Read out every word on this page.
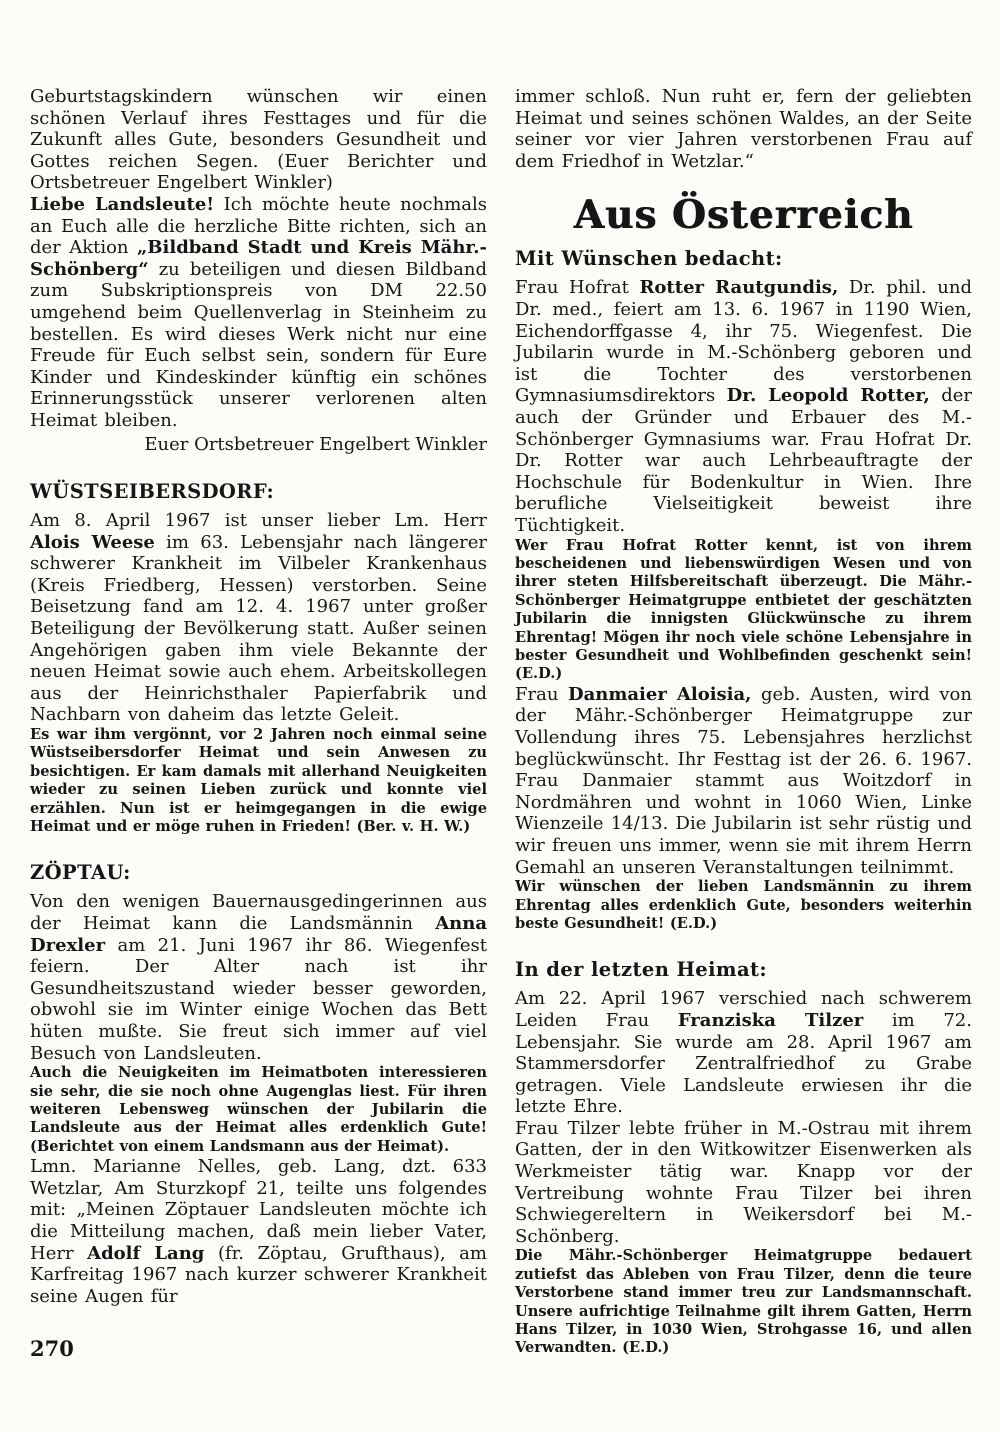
Geburtstagskindern wünschen wir einen schönen Verlauf ihres Festtages und für die Zukunft alles Gute, besonders Gesundheit und Gottes reichen Segen. (Euer Berichter und Ortsbetreuer Engelbert Winkler)
Liebe Landsleute! Ich möchte heute nochmals an Euch alle die herzliche Bitte richten, sich an der Aktion „Bildband Stadt und Kreis Mähr.-Schönberg“ zu beteiligen und diesen Bildband zum Subskriptionspreis von DM 22.50 umgehend beim Quellenverlag in Steinheim zu bestellen. Es wird dieses Werk nicht nur eine Freude für Euch selbst sein, sondern für Eure Kinder und Kindeskinder künftig ein schönes Erinnerungsstück unserer verlorenen alten Heimat bleiben.
Euer Ortsbetreuer Engelbert Winkler
WÜSTSEIBERSDORF:
Am 8. April 1967 ist unser lieber Lm. Herr Alois Weese im 63. Lebensjahr nach längerer schwerer Krankheit im Vilbeler Krankenhaus (Kreis Friedberg, Hessen) verstorben. Seine Beisetzung fand am 12. 4. 1967 unter großer Beteiligung der Bevölkerung statt. Außer seinen Angehörigen gaben ihm viele Bekannte der neuen Heimat sowie auch ehem. Arbeitskollegen aus der Heinrichsthaler Papierfabrik und Nachbarn von daheim das letzte Geleit.
Es war ihm vergönnt, vor 2 Jahren noch einmal seine Wüstseibersdorfer Heimat und sein Anwesen zu besichtigen. Er kam damals mit allerhand Neuigkeiten wieder zu seinen Lieben zurück und konnte viel erzählen. Nun ist er heimgegangen in die ewige Heimat und er möge ruhen in Frieden! (Ber. v. H. W.)
ZÖPTAU:
Von den wenigen Bauernausgedingerinnen aus der Heimat kann die Landsmännin Anna Drexler am 21. Juni 1967 ihr 86. Wiegenfest feiern. Der Alter nach ist ihr Gesundheitszustand wieder besser geworden, obwohl sie im Winter einige Wochen das Bett hüten mußte. Sie freut sich immer auf viel Besuch von Landsleuten.
Auch die Neuigkeiten im Heimatboten interessieren sie sehr, die sie noch ohne Augenglas liest. Für ihren weiteren Lebensweg wünschen der Jubilarin die Landsleute aus der Heimat alles erdenklich Gute! (Berichtet von einem Landsmann aus der Heimat).
Lmn. Marianne Nelles, geb. Lang, dzt. 633 Wetzlar, Am Sturzkopf 21, teilte uns folgendes mit: „Meinen Zöptauer Landsleuten möchte ich die Mitteilung machen, daß mein lieber Vater, Herr Adolf Lang (fr. Zöptau, Grufthaus), am Karfreitag 1967 nach kurzer schwerer Krankheit seine Augen für
immer schloß. Nun ruht er, fern der geliebten Heimat und seines schönen Waldes, an der Seite seiner vor vier Jahren verstorbenen Frau auf dem Friedhof in Wetzlar.“
Aus Österreich
Mit Wünschen bedacht:
Frau Hofrat Rotter Rautgundis, Dr. phil. und Dr. med., feiert am 13. 6. 1967 in 1190 Wien, Eichendorffgasse 4, ihr 75. Wiegenfest. Die Jubilarin wurde in M.-Schönberg geboren und ist die Tochter des verstorbenen Gymnasiumsdirektors Dr. Leopold Rotter, der auch der Gründer und Erbauer des M.-Schönberger Gymnasiums war. Frau Hofrat Dr. Dr. Rotter war auch Lehrbeauftragte der Hochschule für Bodenkultur in Wien. Ihre berufliche Vielseitigkeit beweist ihre Tüchtigkeit.
Wer Frau Hofrat Rotter kennt, ist von ihrem bescheidenen und liebenswürdigen Wesen und von ihrer steten Hilfsbereitschaft überzeugt. Die Mähr.-Schönberger Heimatgruppe entbietet der geschätzten Jubilarin die innigsten Glückwünsche zu ihrem Ehrentag! Mögen ihr noch viele schöne Lebensjahre in bester Gesundheit und Wohlbefinden geschenkt sein! (E.D.)
Frau Danmaier Aloisia, geb. Austen, wird von der Mähr.-Schönberger Heimatgruppe zur Vollendung ihres 75. Lebensjahres herzlichst beglückwünscht. Ihr Festtag ist der 26. 6. 1967. Frau Danmaier stammt aus Woitzdorf in Nordmähren und wohnt in 1060 Wien, Linke Wienzeile 14/13. Die Jubilarin ist sehr rüstig und wir freuen uns immer, wenn sie mit ihrem Herrn Gemahl an unseren Veranstaltungen teilnimmt.
Wir wünschen der lieben Landsmännin zu ihrem Ehrentag alles erdenklich Gute, besonders weiterhin beste Gesundheit! (E.D.)
In der letzten Heimat:
Am 22. April 1967 verschied nach schwerem Leiden Frau Franziska Tilzer im 72. Lebensjahr. Sie wurde am 28. April 1967 am Stammersdorfer Zentralfriedhof zu Grabe getragen. Viele Landsleute erwiesen ihr die letzte Ehre.
Frau Tilzer lebte früher in M.-Ostrau mit ihrem Gatten, der in den Witkowitzer Eisenwerken als Werkmeister tätig war. Knapp vor der Vertreibung wohnte Frau Tilzer bei ihren Schwiegereltern in Weikersdorf bei M.-Schönberg.
Die Mähr.-Schönberger Heimatgruppe bedauert zutiefst das Ableben von Frau Tilzer, denn die teure Verstorbene stand immer treu zur Landsmannschaft. Unsere aufrichtige Teilnahme gilt ihrem Gatten, Herrn Hans Tilzer, in 1030 Wien, Strohgasse 16, und allen Verwandten. (E.D.)
270
